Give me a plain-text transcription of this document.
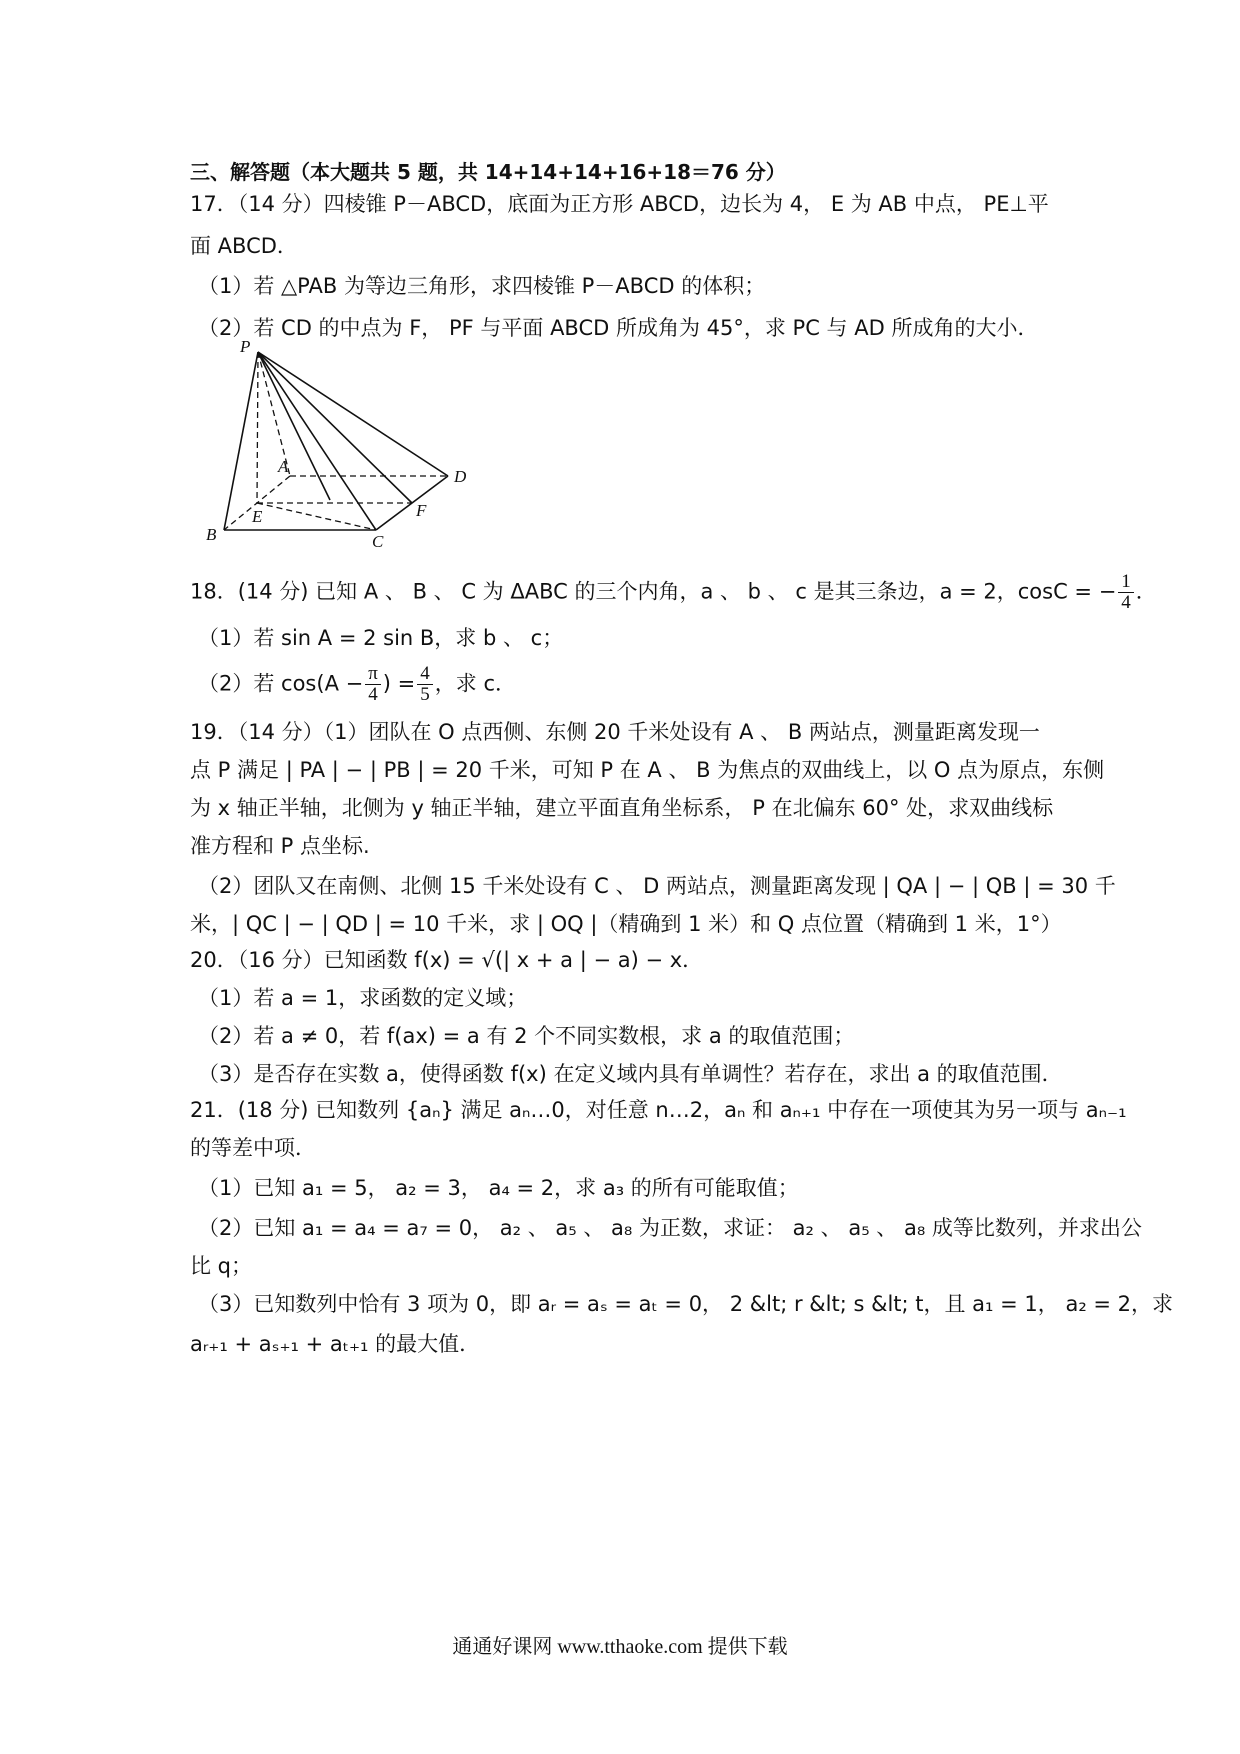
三、解答题（本大题共 5 题，共 14+14+14+16+18＝76 分）
17．（14 分）四棱锥 P－ABCD，底面为正方形 ABCD，边长为 4， E 为 AB 中点， PE⊥平
面 ABCD．
（1）若 △PAB 为等边三角形，求四棱锥 P－ABCD 的体积；
（2）若 CD 的中点为 F， PF 与平面 ABCD 所成角为 45°，求 PC 与 AD 所成角的大小．
P
A
B	C
D
E	F
18．(14 分) 已知 A 、 B 、 C 为 ΔABC 的三个内角，a 、 b 、 c 是其三条边，a = 2，cosC = − $\frac{1}{4}$ ．
（1）若 sin A = 2 sin B，求 b 、 c；
（2）若 $\cos(A - \frac{\pi}{4}$ ) = $\frac{4}{5}$ ，求 c．
19．（14 分）（1）团队在 O 点西侧、东侧 20 千米处设有 A 、 B 两站点，测量距离发现一
点 P 满足 | PA | − | PB | = 20 千米，可知 P 在 A 、 B 为焦点的双曲线上，以 O 点为原点，东侧
为 x 轴正半轴，北侧为 y 轴正半轴，建立平面直角坐标系， P 在北偏东 60° 处，求双曲线标
准方程和 P 点坐标.
（2）团队又在南侧、北侧 15 千米处设有 C 、 D 两站点，测量距离发现 | QA | − | QB | = 30 千
米，| QC | − | QD | = 10 千米，求 | OQ |（精确到 1 米）和 Q 点位置（精确到 1 米，1°）
20．（16 分）已知函数 f(x) = √(| x + a | − a) − x．
（1）若 a = 1，求函数的定义域；
（2）若 a ≠ 0，若 f(ax) = a 有 2 个不同实数根，求 a 的取值范围；
（3）是否存在实数 a，使得函数 f(x) 在定义域内具有单调性？若存在，求出 a 的取值范围．
21．(18 分) 已知数列 {aₙ} 满足 aₙ…0，对任意 n…2，aₙ 和 aₙ₊₁ 中存在一项使其为另一项与 aₙ₋₁
的等差中项．
（1）已知 a₁ = 5， a₂ = 3， a₄ = 2，求 a₃ 的所有可能取值；
（2）已知 a₁ = a₄ = a₇ = 0， a₂ 、 a₅ 、 a₈ 为正数，求证： a₂ 、 a₅ 、 a₈ 成等比数列，并求出公
比 q；
（3）已知数列中恰有 3 项为 0，即 aᵣ = aₛ = aₜ = 0， 2 &lt; r &lt; s &lt; t，且 a₁ = 1， a₂ = 2，求
aᵣ₊₁ + aₛ₊₁ + aₜ₊₁ 的最大值．
通通好课网 www.tthaoke.com 提供下载
